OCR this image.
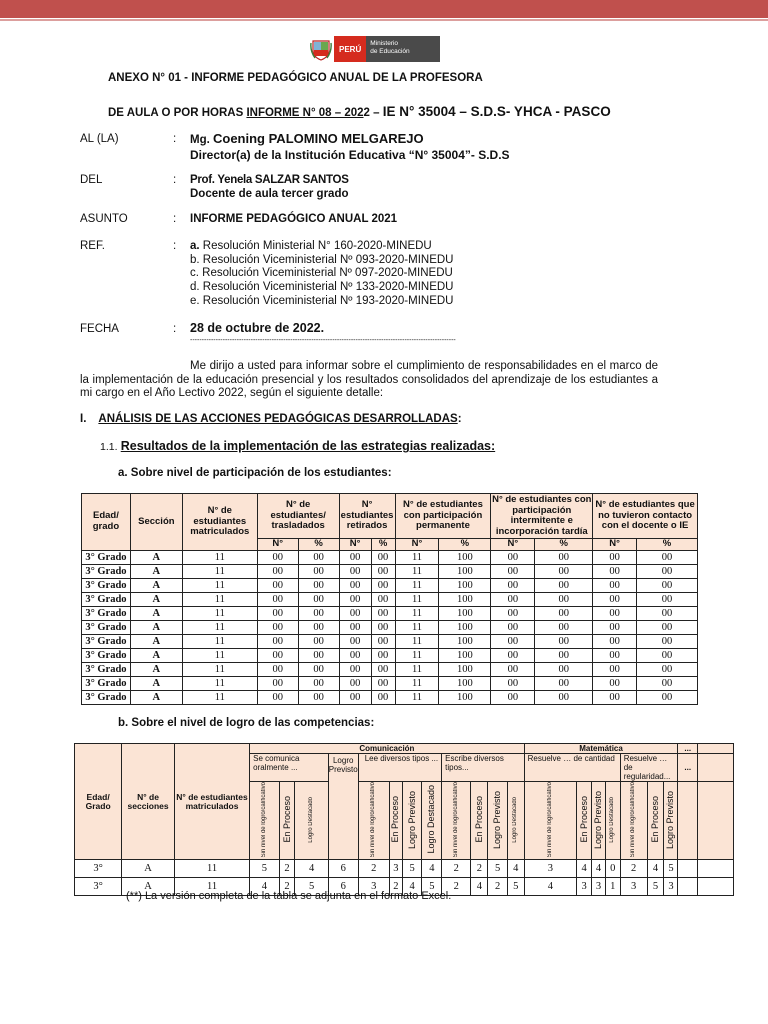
PERÚ
Ministerio
de Educación
ANEXO N° 01 - INFORME PEDAGÓGICO ANUAL DE LA PROFESORA
DE AULA O POR HORAS INFORME N° 08 – 2022 – IE N° 35004 – S.D.S- YHCA - PASCO
AL (LA)	: Mg. Coening PALOMINO MELGAREJO
Director(a) de la Institución Educativa “N° 35004”- S.D.S
DEL	: Prof. Yenela SALZAR SANTOS
Docente de aula tercer grado
ASUNTO	: INFORME PEDAGÓGICO ANUAL 2021
REF.	: a. Resolución Ministerial N° 160-2020-MINEDU
b. Resolución Viceministerial Nº 093-2020-MINEDU
c. Resolución Viceministerial Nº 097-2020-MINEDU
d. Resolución Viceministerial Nº 133-2020-MINEDU
e. Resolución Viceministerial Nº 193-2020-MINEDU
FECHA	: 28 de octubre de 2022.
------------------------------------------------------------------------------------------------------------------
Me dirijo a usted para informar sobre el cumplimiento de responsabilidades en el marco de la implementación de la educación presencial y los resultados consolidados del aprendizaje de los estudiantes a mi cargo en el Año Lectivo 2022, según el siguiente detalle:
I. ANÁLISIS DE LAS ACCIONES PEDAGÓGICAS DESARROLLADAS:
1.1. Resultados de la implementación de las estrategias realizadas:
a. Sobre nivel de participación de los estudiantes:
Edad/ grado	Sección	N° de estudiantes matriculados	N° de estudiantes/ trasladados		N° estudiantes retirados		N° de estudiantes con participación permanente		N° de estudiantes con participación intermitente e incorporación tardía		N° de estudiantes que no tuvieron contacto con el docente o IE	
			N°	%	N°	%	N°	%	N°	%	N°	%
3° Grado	A	11	00	00	00	00	11	100	00	00	00	00
3° Grado	A	11	00	00	00	00	11	100	00	00	00	00
3° Grado	A	11	00	00	00	00	11	100	00	00	00	00
3° Grado	A	11	00	00	00	00	11	100	00	00	00	00
3° Grado	A	11	00	00	00	00	11	100	00	00	00	00
3° Grado	A	11	00	00	00	00	11	100	00	00	00	00
3° Grado	A	11	00	00	00	00	11	100	00	00	00	00
3° Grado	A	11	00	00	00	00	11	100	00	00	00	00
3° Grado	A	11	00	00	00	00	11	100	00	00	00	00
3° Grado	A	11	00	00	00	00	11	100	00	00	00	00
3° Grado	A	11	00	00	00	00	11	100	00	00	00	00
b. Sobre el nivel de logro de las competencias:
Edad/ Grado	N° de secciones	N° de estudiantes matriculados	Comunicación												Matemática							...	
			Se comunica oralmente ...			Logro Previsto	Lee diversos tipos ...				Escribe diversos tipos...				Resuelve … de cantidad				Resuelve … de regularidad...			...	
			Sin nivel de logro/calificativo	En Proceso	Logro Destacado		Sin nivel de logro/calificativo	En Proceso	Logro Previsto	Logro Destacado	Sin nivel de logro/calificativo	En Proceso	Logro Previsto	Logro Destacado	Sin nivel de logro/calificativo	En Proceso	Logro Previsto	Logro Destacado	Sin nivel de logro/calificativo	En Proceso	Logro Previsto		
3°	A	11	5	2	4	6	2	3	5	4	2	2	5	4	3	4	4	0	2	4	5		
3°	A	11	4	2	5	6	3	2	4	5	2	4	2	5	4	3	3	1	3	5	3		
(**) La versión completa de la tabla se adjunta en el formato Excel.
